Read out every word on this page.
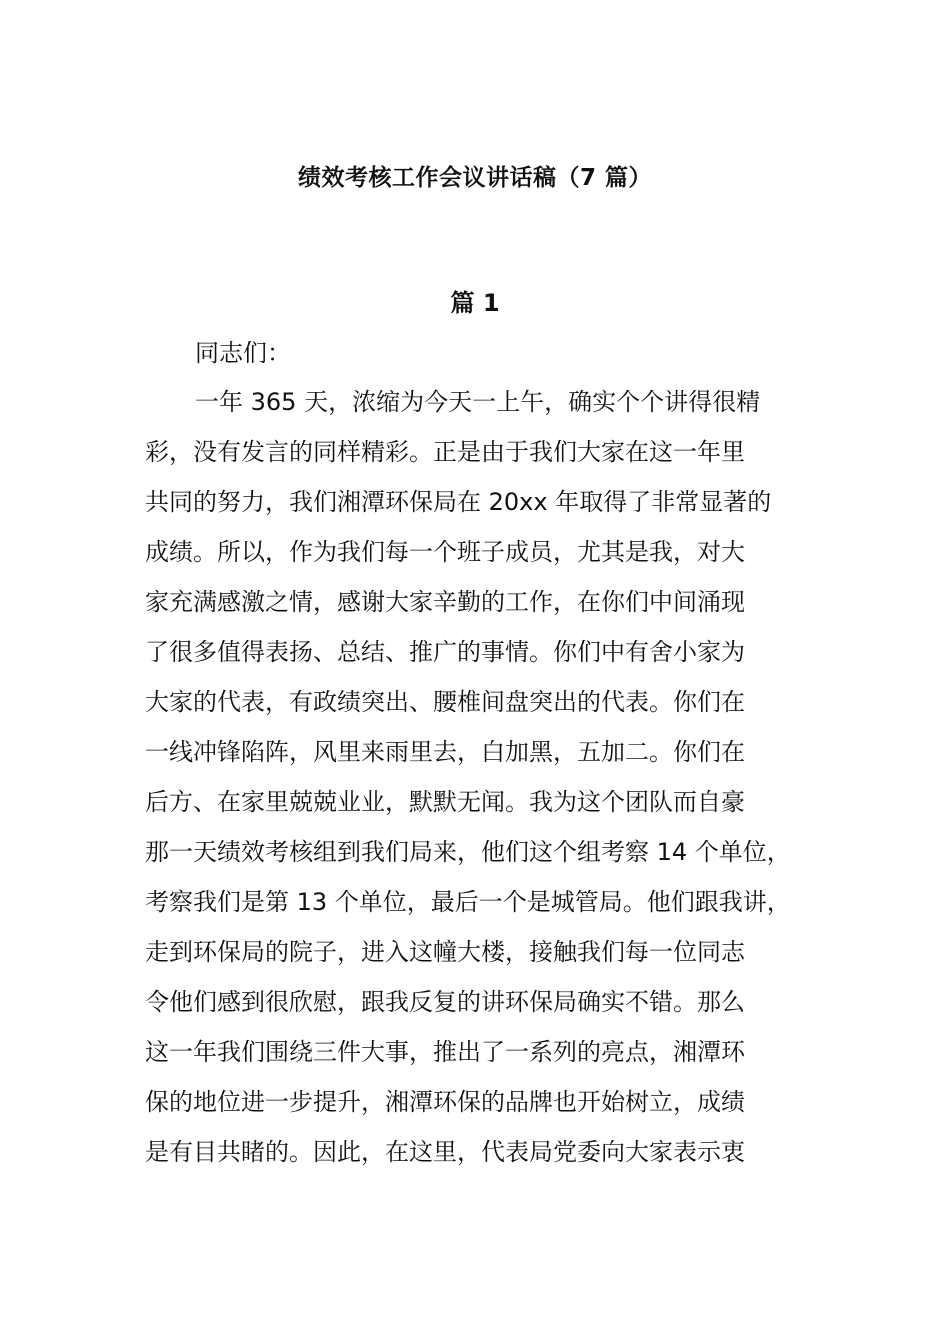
绩效考核工作会议讲话稿（7 篇）
篇 1
同志们：
一年 365 天，浓缩为今天一上午，确实个个讲得很精
彩，没有发言的同样精彩。正是由于我们大家在这一年里
共同的努力，我们湘潭环保局在 20xx 年取得了非常显著的
成绩。所以，作为我们每一个班子成员，尤其是我，对大
家充满感激之情，感谢大家辛勤的工作，在你们中间涌现
了很多值得表扬、总结、推广的事情。你们中有舍小家为
大家的代表，有政绩突出、腰椎间盘突出的代表。你们在
一线冲锋陷阵，风里来雨里去，白加黑，五加二。你们在
后方、在家里兢兢业业，默默无闻。我为这个团队而自豪
那一天绩效考核组到我们局来，他们这个组考察 14 个单位，
考察我们是第 13 个单位，最后一个是城管局。他们跟我讲，
走到环保局的院子，进入这幢大楼，接触我们每一位同志
令他们感到很欣慰，跟我反复的讲环保局确实不错。那么
这一年我们围绕三件大事，推出了一系列的亮点，湘潭环
保的地位进一步提升，湘潭环保的品牌也开始树立，成绩
是有目共睹的。因此，在这里，代表局党委向大家表示衷
